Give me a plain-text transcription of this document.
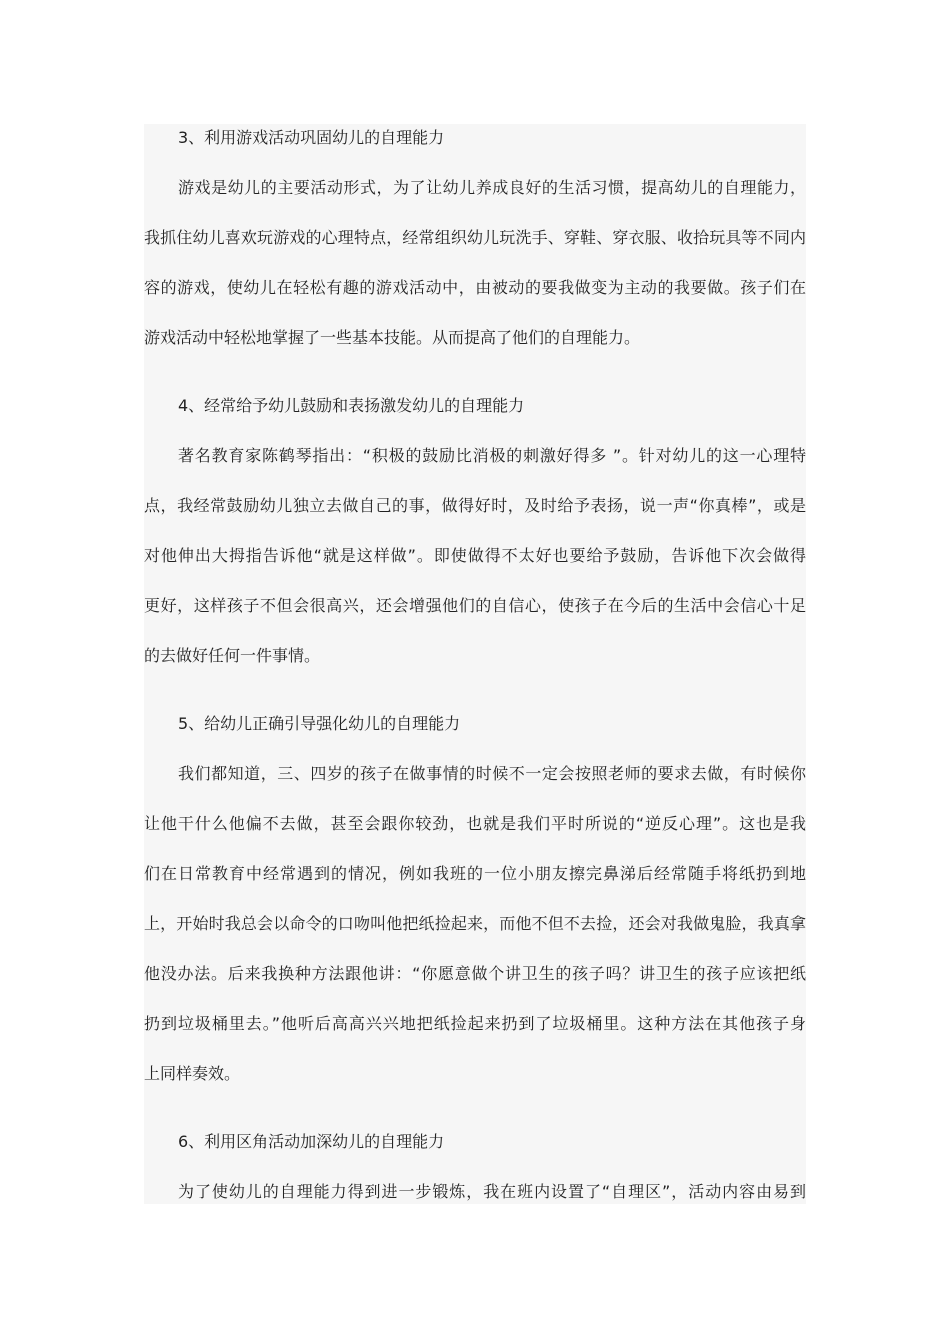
3、利用游戏活动巩固幼儿的自理能力
游戏是幼儿的主要活动形式，为了让幼儿养成良好的生活习惯，提高幼儿的自理能力，
我抓住幼儿喜欢玩游戏的心理特点，经常组织幼儿玩洗手、穿鞋、穿衣服、收拾玩具等不同内
容的游戏，使幼儿在轻松有趣的游戏活动中，由被动的要我做变为主动的我要做。孩子们在
游戏活动中轻松地掌握了一些基本技能。从而提高了他们的自理能力。
4、经常给予幼儿鼓励和表扬激发幼儿的自理能力
著名教育家陈鹤琴指出：“积极的鼓励比消极的刺激好得多 ”。针对幼儿的这一心理特
点，我经常鼓励幼儿独立去做自己的事，做得好时，及时给予表扬，说一声“你真棒”，或是
对他伸出大拇指告诉他“就是这样做”。即使做得不太好也要给予鼓励，告诉他下次会做得
更好，这样孩子不但会很高兴，还会增强他们的自信心，使孩子在今后的生活中会信心十足
的去做好任何一件事情。
5、给幼儿正确引导强化幼儿的自理能力
我们都知道，三、四岁的孩子在做事情的时候不一定会按照老师的要求去做，有时候你
让他干什么他偏不去做，甚至会跟你较劲，也就是我们平时所说的“逆反心理”。这也是我
们在日常教育中经常遇到的情况，例如我班的一位小朋友擦完鼻涕后经常随手将纸扔到地
上，开始时我总会以命令的口吻叫他把纸捡起来，而他不但不去捡，还会对我做鬼脸，我真拿
他没办法。后来我换种方法跟他讲：“你愿意做个讲卫生的孩子吗？讲卫生的孩子应该把纸
扔到垃圾桶里去。”他听后高高兴兴地把纸捡起来扔到了垃圾桶里。这种方法在其他孩子身
上同样奏效。
6、利用区角活动加深幼儿的自理能力
为了使幼儿的自理能力得到进一步锻炼，我在班内设置了“自理区”，活动内容由易到
